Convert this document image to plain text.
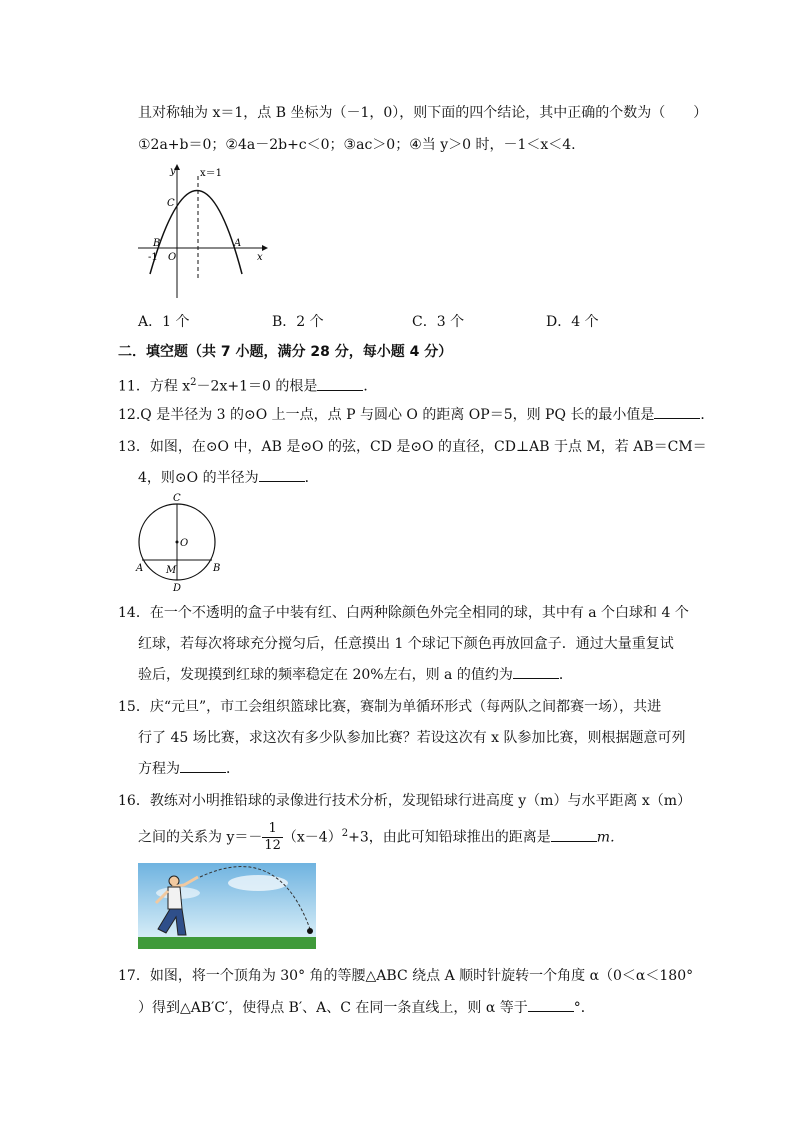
且对称轴为 x＝1，点 B 坐标为（－1，0），则下面的四个结论，其中正确的个数为（　　）
①2a+b＝0；②4a－2b+c＜0；③ac＞0；④当 y＞0 时，－1＜x＜4.
y x＝1
C
B	A
-1 O	x
A．1 个	B．2 个	C．3 个	D．4 个
二．填空题（共 7 小题，满分 28 分，每小题 4 分）
11．方程 $x^2-2x+1=0$ 的根是	．
12.Q 是半径为 3 的⊙O 上一点，点 P 与圆心 O 的距离 OP＝5，则 PQ 长的最小值是	．
13．如图，在⊙O 中，AB 是⊙O 的弦，CD 是⊙O 的直径，CD⊥AB 于点 M，若 AB＝CM＝
4，则⊙O 的半径为	．
C
O
A M	B
D
14．在一个不透明的盒子中装有红、白两种除颜色外完全相同的球，其中有 a 个白球和 4 个
红球，若每次将球充分搅匀后，任意摸出 1 个球记下颜色再放回盒子．通过大量重复试
验后，发现摸到红球的频率稳定在 20%左右，则 a 的值约为	．
15．庆“元旦”，市工会组织篮球比赛，赛制为单循环形式（每两队之间都赛一场），共进
行了 45 场比赛，求这次有多少队参加比赛？若设这次有 x 队参加比赛，则根据题意可列
方程为	．
16．教练对小明推铅球的录像进行技术分析，发现铅球行进高度 y（m）与水平距离 x（m）
之间的关系为 $y=- \frac{1}{12} (x-4)^2+3$，由此可知铅球推出的距离是	m．
17．如图，将一个顶角为 30° 角的等腰△ABC 绕点 A 顺时针旋转一个角度 α（0＜α＜180°
）得到△AB′C′，使得点 B′、A、C 在同一条直线上，则 α 等于	°．
